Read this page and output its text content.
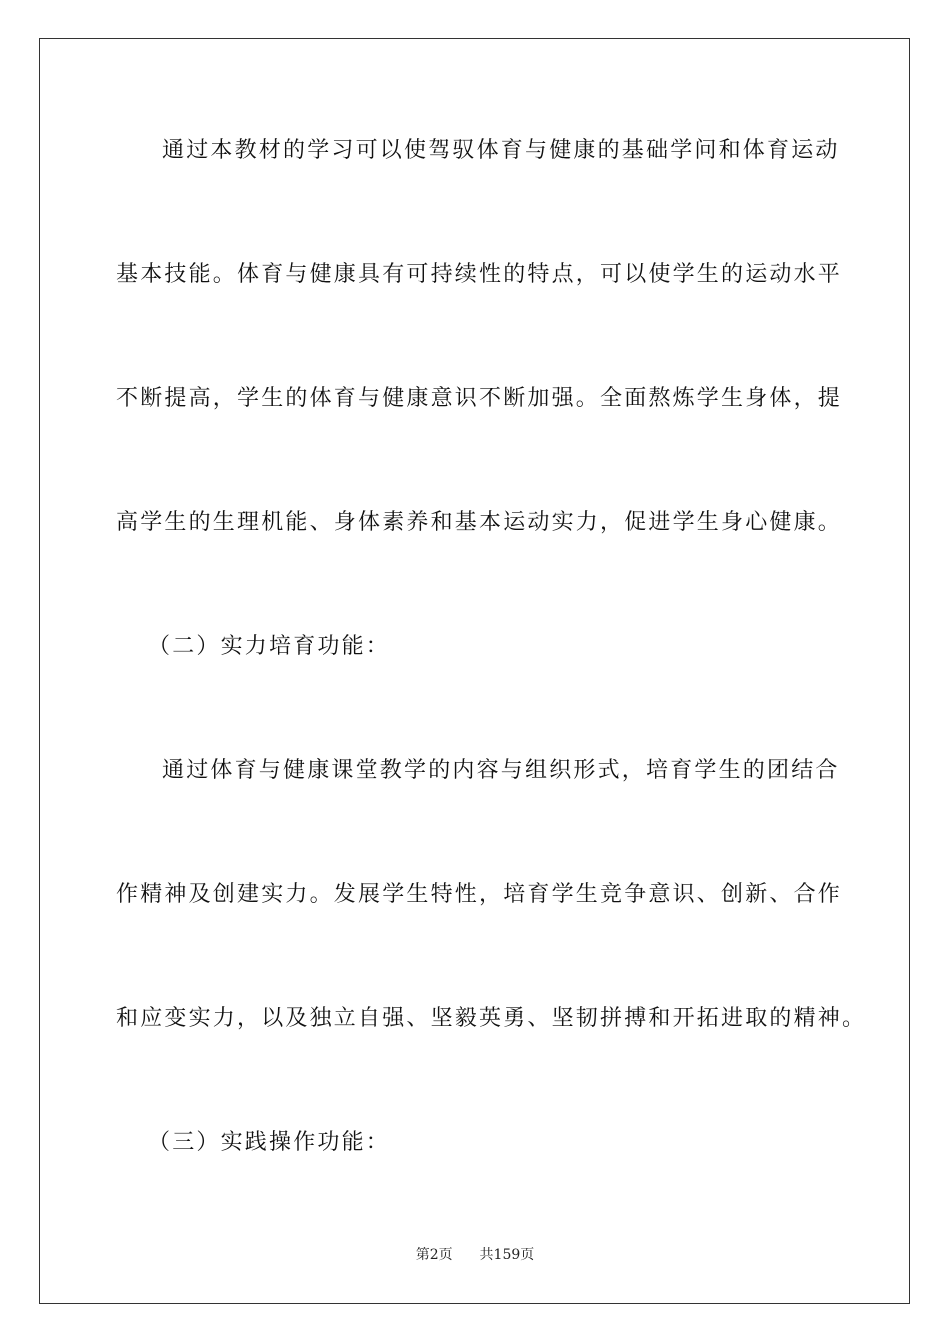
通过本教材的学习可以使驾驭体育与健康的基础学问和体育运动
基本技能。体育与健康具有可持续性的特点，可以使学生的运动水平
不断提高，学生的体育与健康意识不断加强。全面熬炼学生身体，提
高学生的生理机能、身体素养和基本运动实力，促进学生身心健康。
（二）实力培育功能：
通过体育与健康课堂教学的内容与组织形式，培育学生的团结合
作精神及创建实力。发展学生特性，培育学生竞争意识、创新、合作
和应变实力，以及独立自强、坚毅英勇、坚韧拼搏和开拓进取的精神。
（三）实践操作功能：
第2页 共159页
